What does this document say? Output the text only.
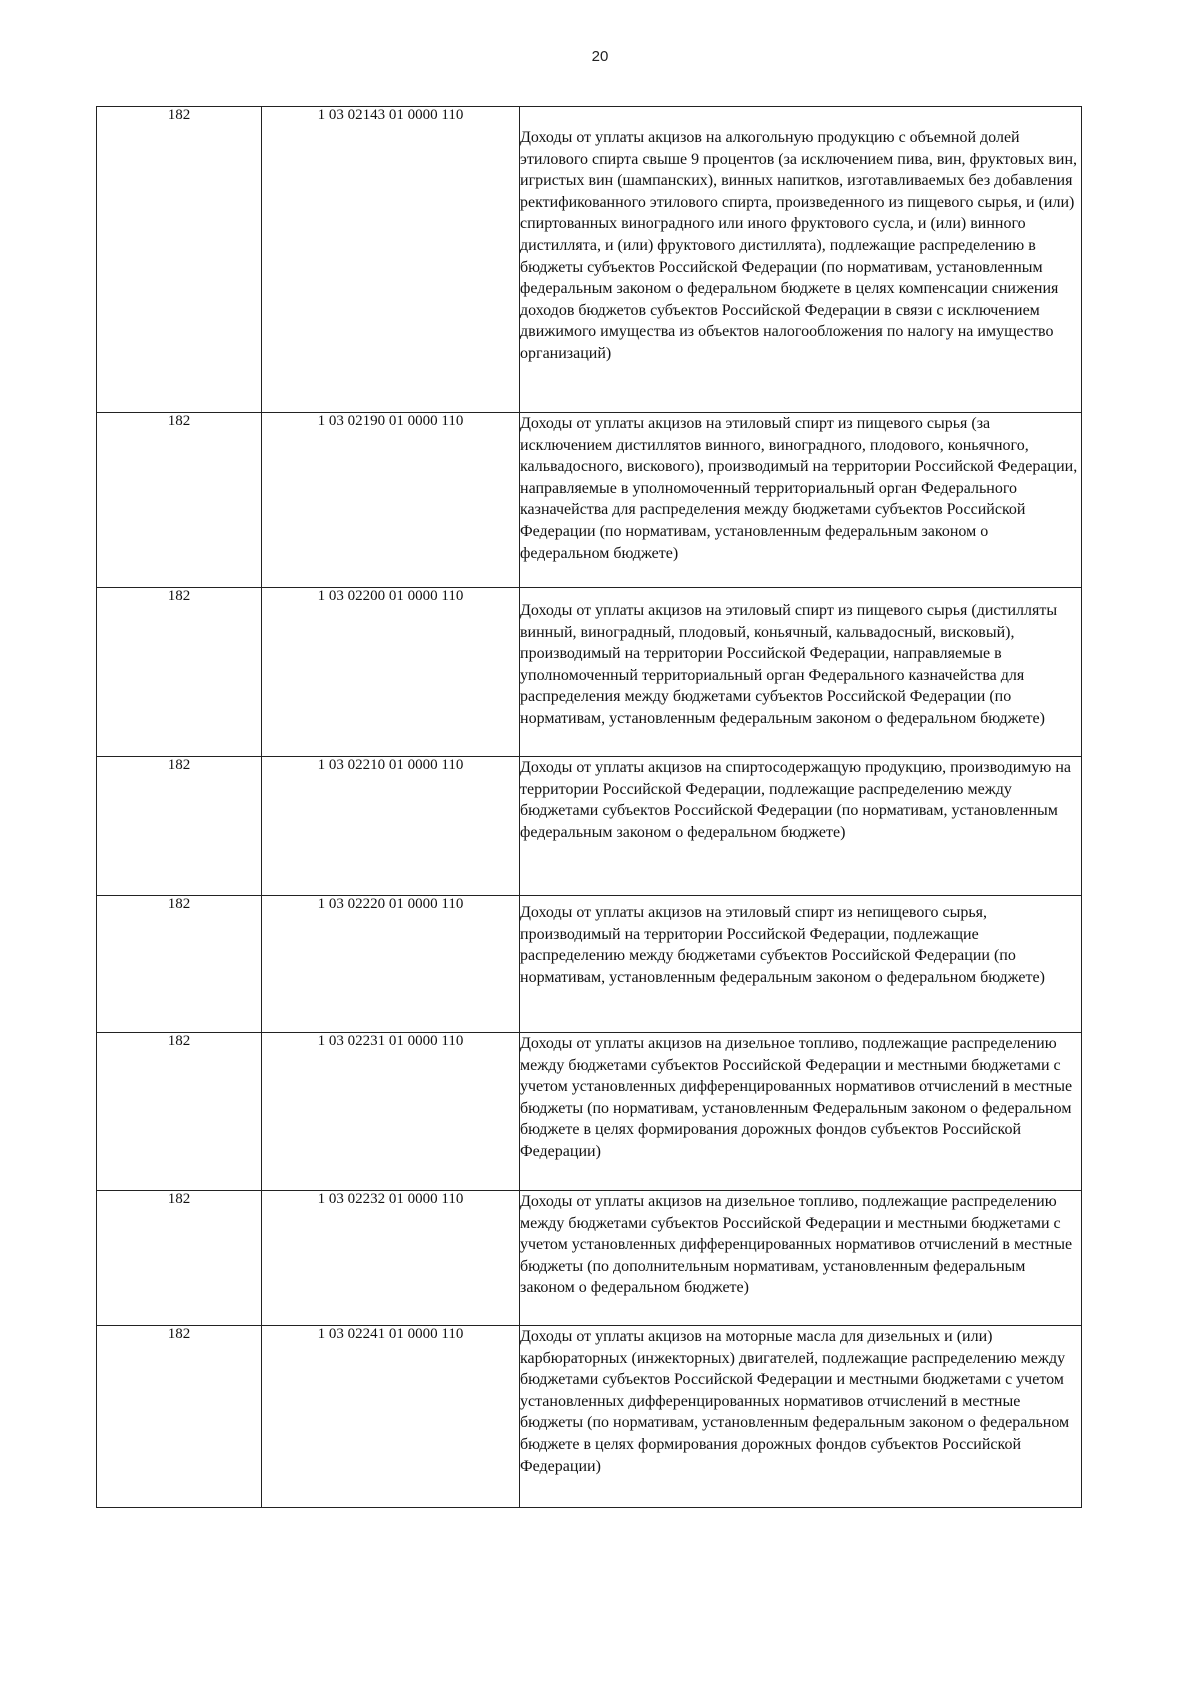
20
182	1 03 02143 01 0000 110	Доходы от уплаты акцизов на алкогольную продукцию с объемной долей этилового спирта свыше 9 процентов (за исключением пива, вин, фруктовых вин, игристых вин (шампанских), винных напитков, изготавливаемых без добавления ректификованного этилового спирта, произведенного из пищевого сырья, и (или) спиртованных виноградного или иного фруктового сусла, и (или) винного дистиллята, и (или) фруктового дистиллята), подлежащие распределению в бюджеты субъектов Российской Федерации (по нормативам, установленным федеральным законом о федеральном бюджете в целях компенсации снижения доходов бюджетов субъектов Российской Федерации в связи с исключением движимого имущества из объектов налогообложения по налогу на имущество организаций)
182	1 03 02190 01 0000 110	Доходы от уплаты акцизов на этиловый спирт из пищевого сырья (за исключением дистиллятов винного, виноградного, плодового, коньячного, кальвадосного, вискового), производимый на территории Российской Федерации, направляемые в уполномоченный территориальный орган Федерального казначейства для распределения между бюджетами субъектов Российской Федерации (по нормативам, установленным федеральным законом о федеральном бюджете)
182	1 03 02200 01 0000 110	Доходы от уплаты акцизов на этиловый спирт из пищевого сырья (дистилляты винный, виноградный, плодовый, коньячный, кальвадосный, висковый), производимый на территории Российской Федерации, направляемые в уполномоченный территориальный орган Федерального казначейства для распределения между бюджетами субъектов Российской Федерации (по нормативам, установленным федеральным законом о федеральном бюджете)
182	1 03 02210 01 0000 110	Доходы от уплаты акцизов на спиртосодержащую продукцию, производимую на территории Российской Федерации, подлежащие распределению между бюджетами субъектов Российской Федерации (по нормативам, установленным федеральным законом о федеральном бюджете)
182	1 03 02220 01 0000 110	Доходы от уплаты акцизов на этиловый спирт из непищевого сырья, производимый на территории Российской Федерации, подлежащие распределению между бюджетами субъектов Российской Федерации (по нормативам, установленным федеральным законом о федеральном бюджете)
182	1 03 02231 01 0000 110	Доходы от уплаты акцизов на дизельное топливо, подлежащие распределению между бюджетами субъектов Российской Федерации и местными бюджетами с учетом установленных дифференцированных нормативов отчислений в местные бюджеты (по нормативам, установленным Федеральным законом о федеральном бюджете в целях формирования дорожных фондов субъектов Российской Федерации)
182	1 03 02232 01 0000 110	Доходы от уплаты акцизов на дизельное топливо, подлежащие распределению между бюджетами субъектов Российской Федерации и местными бюджетами с учетом установленных дифференцированных нормативов отчислений в местные бюджеты (по дополнительным нормативам, установленным федеральным законом о федеральном бюджете)
182	1 03 02241 01 0000 110	Доходы от уплаты акцизов на моторные масла для дизельных и (или) карбюраторных (инжекторных) двигателей, подлежащие распределению между бюджетами субъектов Российской Федерации и местными бюджетами с учетом установленных дифференцированных нормативов отчислений в местные бюджеты (по нормативам, установленным федеральным законом о федеральном бюджете в целях формирования дорожных фондов субъектов Российской Федерации)
